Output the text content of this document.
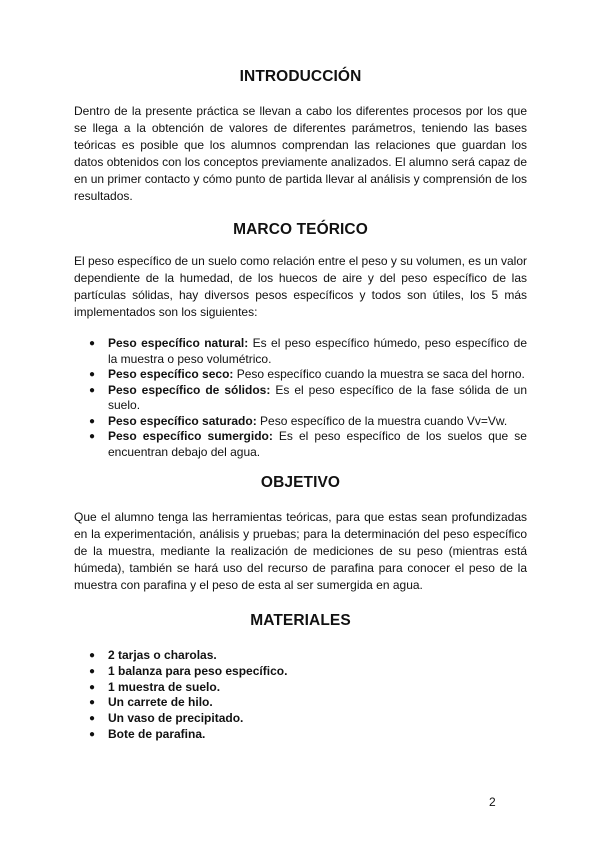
INTRODUCCIÓN

Dentro de la presente práctica se llevan a cabo los diferentes procesos por los que se llega a la obtención de valores de diferentes parámetros, teniendo las bases teóricas es posible que los alumnos comprendan las relaciones que guardan los datos obtenidos con los conceptos previamente analizados. El alumno será capaz de en un primer contacto y cómo punto de partida llevar al análisis y comprensión de los resultados.

MARCO TEÓRICO

El peso específico de un suelo como relación entre el peso y su volumen, es un valor dependiente de la humedad, de los huecos de aire y del peso específico de las partículas sólidas, hay diversos pesos específicos y todos son útiles, los 5 más implementados son los siguientes:

● Peso específico natural: Es el peso específico húmedo, peso específico de la muestra o peso volumétrico.
● Peso específico seco: Peso específico cuando la muestra se saca del horno.
● Peso específico de sólidos: Es el peso específico de la fase sólida de un suelo.
● Peso específico saturado: Peso específico de la muestra cuando Vv=Vw.
● Peso específico sumergido: Es el peso específico de los suelos que se encuentran debajo del agua.
OBJETIVO

Que el alumno tenga las herramientas teóricas, para que estas sean profundizadas en la experimentación, análisis y pruebas; para la determinación del peso específico de la muestra, mediante la realización de mediciones de su peso (mientras está húmeda), también se hará uso del recurso de parafina para conocer el peso de la muestra con parafina y el peso de esta al ser sumergida en agua.

MATERIALES
● 2 tarjas o charolas.
● 1 balanza para peso específico.
● 1 muestra de suelo.
● Un carrete de hilo.
● Un vaso de precipitado.
● Bote de parafina.
2
